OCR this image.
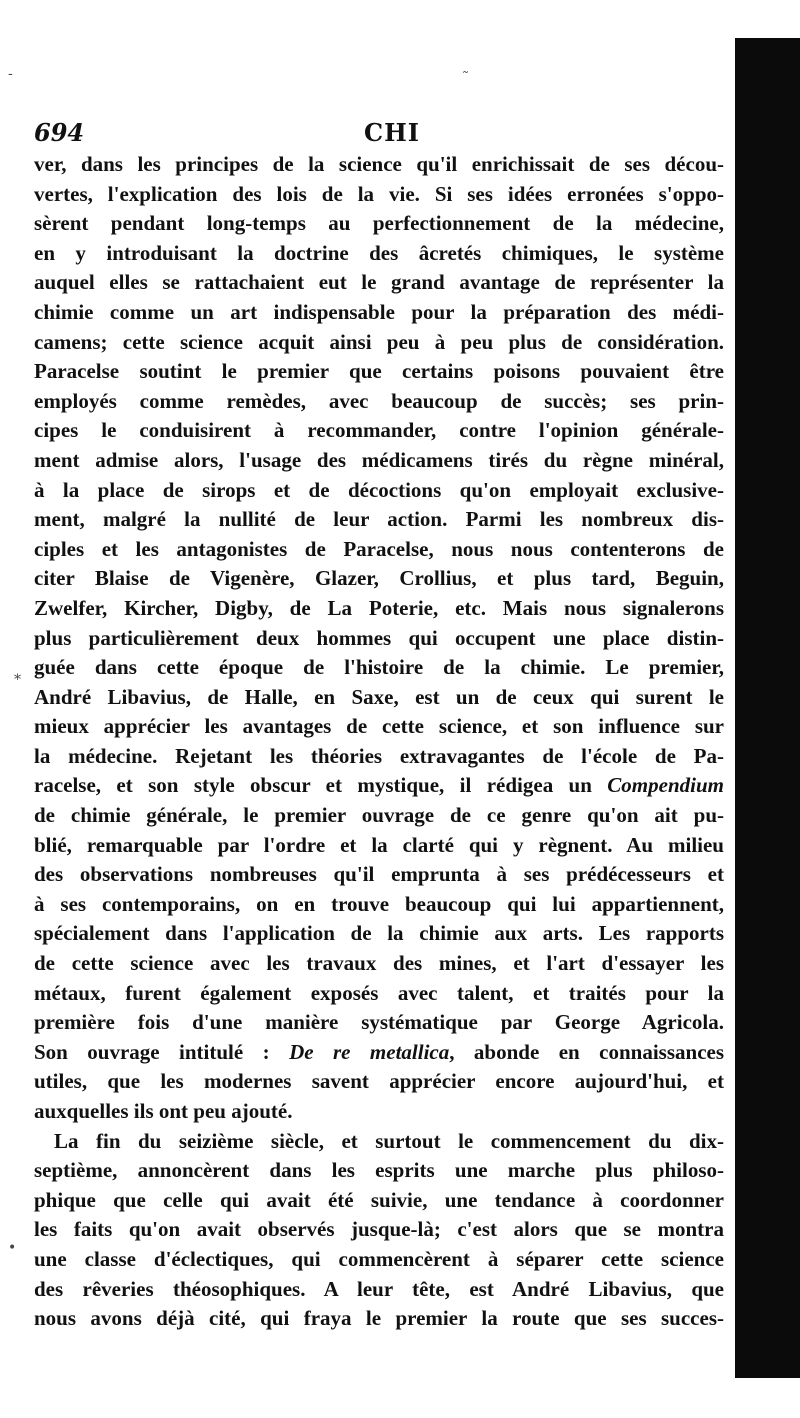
-	˜
*
•
694	CHI
ver, dans les principes de la science qu'il enrichissait de ses décou-
vertes, l'explication des lois de la vie. Si ses idées erronées s'oppo-
sèrent pendant long-temps au perfectionnement de la médecine,
en y introduisant la doctrine des âcretés chimiques, le système
auquel elles se rattachaient eut le grand avantage de représenter la
chimie comme un art indispensable pour la préparation des médi-
camens; cette science acquit ainsi peu à peu plus de considération.
Paracelse soutint le premier que certains poisons pouvaient être
employés comme remèdes, avec beaucoup de succès; ses prin-
cipes le conduisirent à recommander, contre l'opinion générale-
ment admise alors, l'usage des médicamens tirés du règne minéral,
à la place de sirops et de décoctions qu'on employait exclusive-
ment, malgré la nullité de leur action. Parmi les nombreux dis-
ciples et les antagonistes de Paracelse, nous nous contenterons de
citer Blaise de Vigenère, Glazer, Crollius, et plus tard, Beguin,
Zwelfer, Kircher, Digby, de La Poterie, etc. Mais nous signalerons
plus particulièrement deux hommes qui occupent une place distin-
guée dans cette époque de l'histoire de la chimie. Le premier,
André Libavius, de Halle, en Saxe, est un de ceux qui surent le
mieux apprécier les avantages de cette science, et son influence sur
la médecine. Rejetant les théories extravagantes de l'école de Pa-
racelse, et son style obscur et mystique, il rédigea un Compendium
de chimie générale, le premier ouvrage de ce genre qu'on ait pu-
blié, remarquable par l'ordre et la clarté qui y règnent. Au milieu
des observations nombreuses qu'il emprunta à ses prédécesseurs et
à ses contemporains, on en trouve beaucoup qui lui appartiennent,
spécialement dans l'application de la chimie aux arts. Les rapports
de cette science avec les travaux des mines, et l'art d'essayer les
métaux, furent également exposés avec talent, et traités pour la
première fois d'une manière systématique par George Agricola.
Son ouvrage intitulé : De re metallica, abonde en connaissances
utiles, que les modernes savent apprécier encore aujourd'hui, et
auxquelles ils ont peu ajouté.
La fin du seizième siècle, et surtout le commencement du dix-
septième, annoncèrent dans les esprits une marche plus philoso-
phique que celle qui avait été suivie, une tendance à coordonner
les faits qu'on avait observés jusque-là; c'est alors que se montra
une classe d'éclectiques, qui commencèrent à séparer cette science
des rêveries théosophiques. A leur tête, est André Libavius, que
nous avons déjà cité, qui fraya le premier la route que ses succes-
